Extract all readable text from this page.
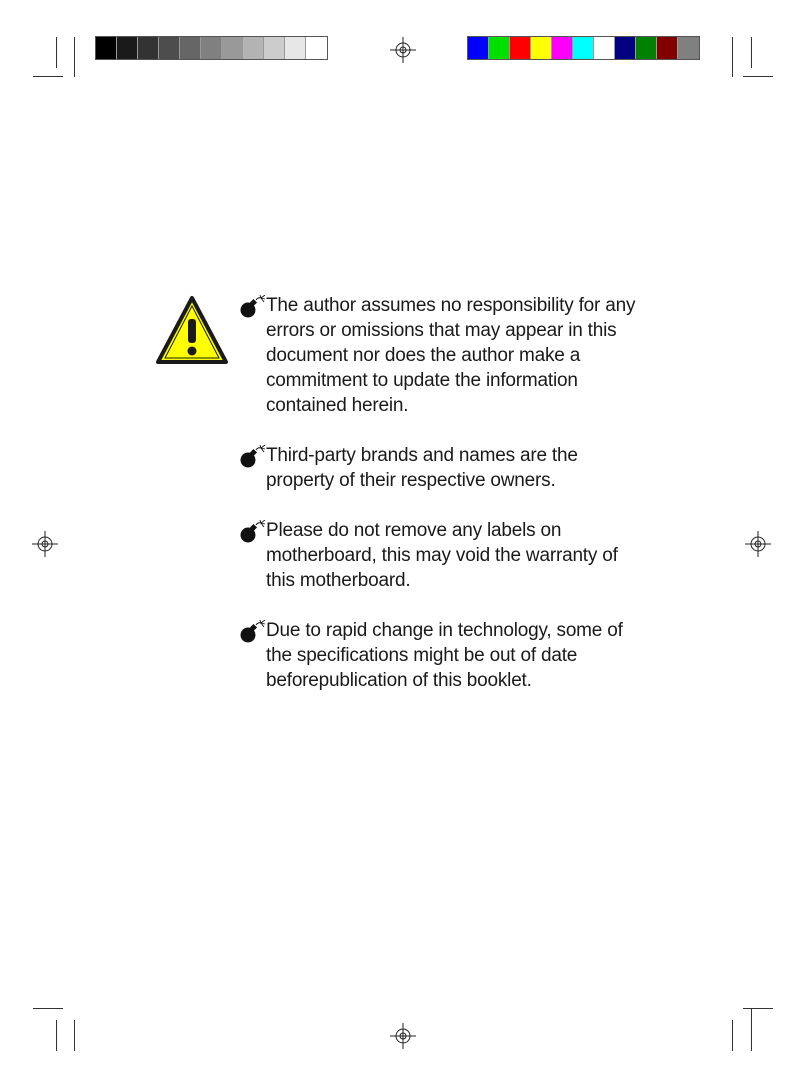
The author assumes no responsibility for any
errors or omissions that may appear in this
document nor does the author make a
commitment to update the information
contained herein.
Third-party brands and names are the
property of their respective owners.
Please do not remove any labels on
motherboard, this may void the warranty of
this motherboard.
Due to rapid change in technology, some of
the specifications might be out of date
beforepublication of this booklet.
